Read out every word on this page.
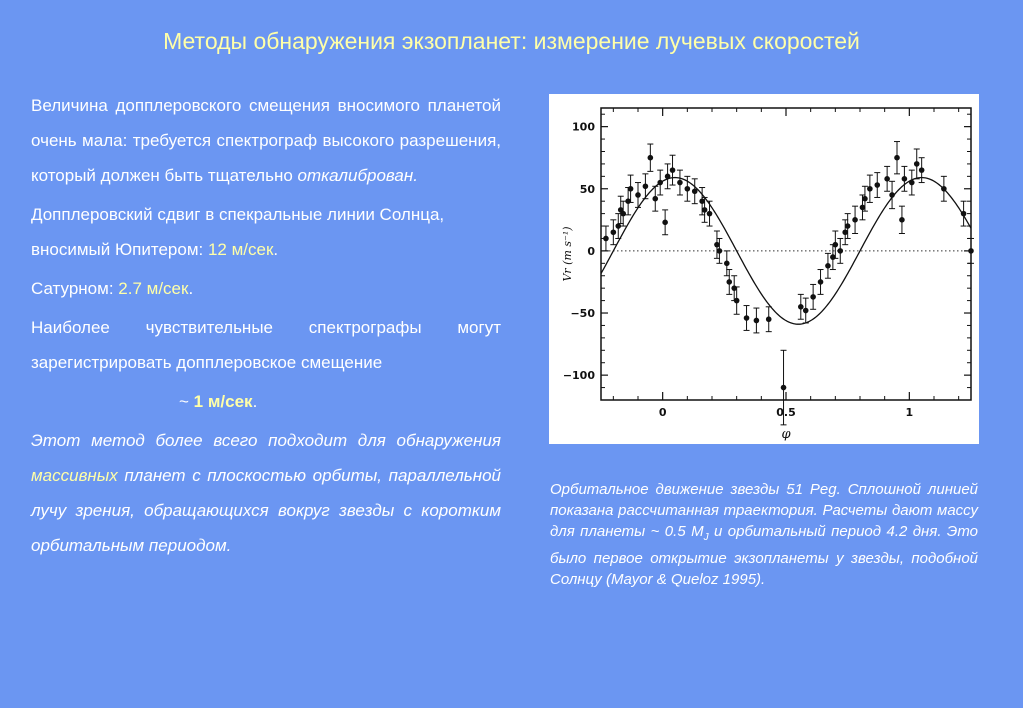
Методы обнаружения экзопланет: измерение лучевых скоростей

Величина допплеровского смещения вносимого планетой очень мала: требуется спектрограф высокого разрешения, который должен быть тщательно откалиброван.

Допплеровский сдвиг в спекральные линии Солнца, вносимый Юпитером: 12 м/сек.

Сатурном: 2.7 м/сек.

Наиболее чувствительные спектрографы могут зарегистрировать допплеровское смещение

~ 1 м/сек.

Этот метод более всего подходит для обнаружения массивных планет с плоскостью орбиты, параллельной лучу зрения, обращающихся вокруг звезды с коротким орбитальным периодом.

100
50
0
−50
−100
0	0.5	1
φ
Vr (m s⁻¹)
Орбитальное движение звезды 51 Peg. Сплошной линией показана рассчитанная траектория. Расчеты дают массу для планеты ~ 0.5 $M_J$ и орбитальный период 4.2 дня. Это было первое открытие экзопланеты у звезды, подобной Солнцу (Mayor & Queloz 1995).
